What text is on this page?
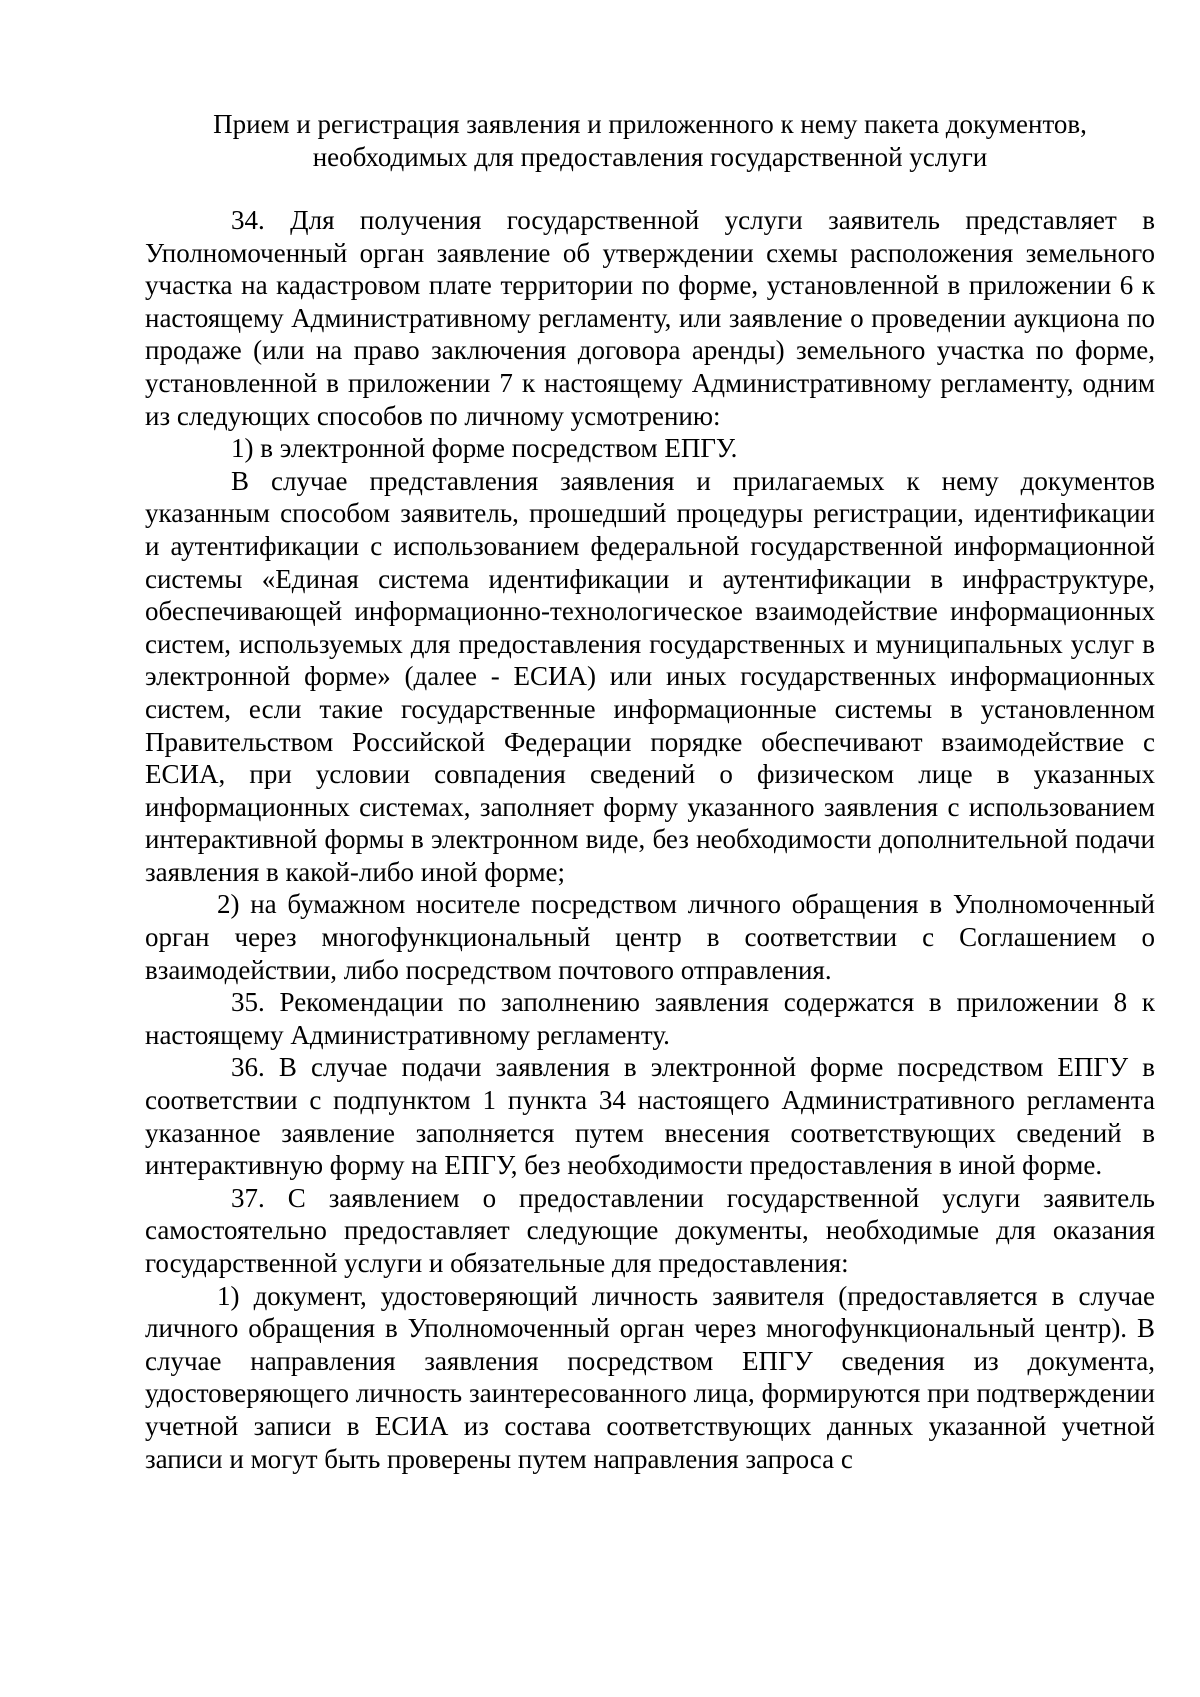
Прием и регистрация заявления и приложенного к нему пакета документов,
необходимых для предоставления государственной услуги

34. Для получения государственной услуги заявитель представляет в Уполномоченный орган заявление об утверждении схемы расположения земельного участка на кадастровом плате территории по форме, установленной в приложении 6 к настоящему Административному регламенту, или заявление о проведении аукциона по продаже (или на право заключения договора аренды) земельного участка по форме, установленной в приложении 7 к настоящему Административному регламенту, одним из следующих способов по личному усмотрению:

1) в электронной форме посредством ЕПГУ.

В случае представления заявления и прилагаемых к нему документов указанным способом заявитель, прошедший процедуры регистрации, идентификации и аутентификации с использованием федеральной государственной информационной системы «Единая система идентификации и аутентификации в инфраструктуре, обеспечивающей информационно-технологическое взаимодействие информационных систем, используемых для предоставления государственных и муниципальных услуг в электронной форме» (далее - ЕСИА) или иных государственных информационных систем, если такие государственные информационные системы в установленном Правительством Российской Федерации порядке обеспечивают взаимодействие с ЕСИА, при условии совпадения сведений о физическом лице в указанных информационных системах, заполняет форму указанного заявления с использованием интерактивной формы в электронном виде, без необходимости дополнительной подачи заявления в какой-либо иной форме;

2) на бумажном носителе посредством личного обращения в Уполномоченный орган через многофункциональный центр в соответствии с Соглашением о взаимодействии, либо посредством почтового отправления.

35. Рекомендации по заполнению заявления содержатся в приложении 8 к настоящему Административному регламенту.

36. В случае подачи заявления в электронной форме посредством ЕПГУ в соответствии с подпунктом 1 пункта 34 настоящего Административного регламента указанное заявление заполняется путем внесения соответствующих сведений в интерактивную форму на ЕПГУ, без необходимости предоставления в иной форме.

37. С заявлением о предоставлении государственной услуги заявитель самостоятельно предоставляет следующие документы, необходимые для оказания государственной услуги и обязательные для предоставления:

1) документ, удостоверяющий личность заявителя (предоставляется в случае личного обращения в Уполномоченный орган через многофункциональный центр). В случае направления заявления посредством ЕПГУ сведения из документа, удостоверяющего личность заинтересованного лица, формируются при подтверждении учетной записи в ЕСИА из состава соответствующих данных указанной учетной записи и могут быть проверены путем направления запроса с
